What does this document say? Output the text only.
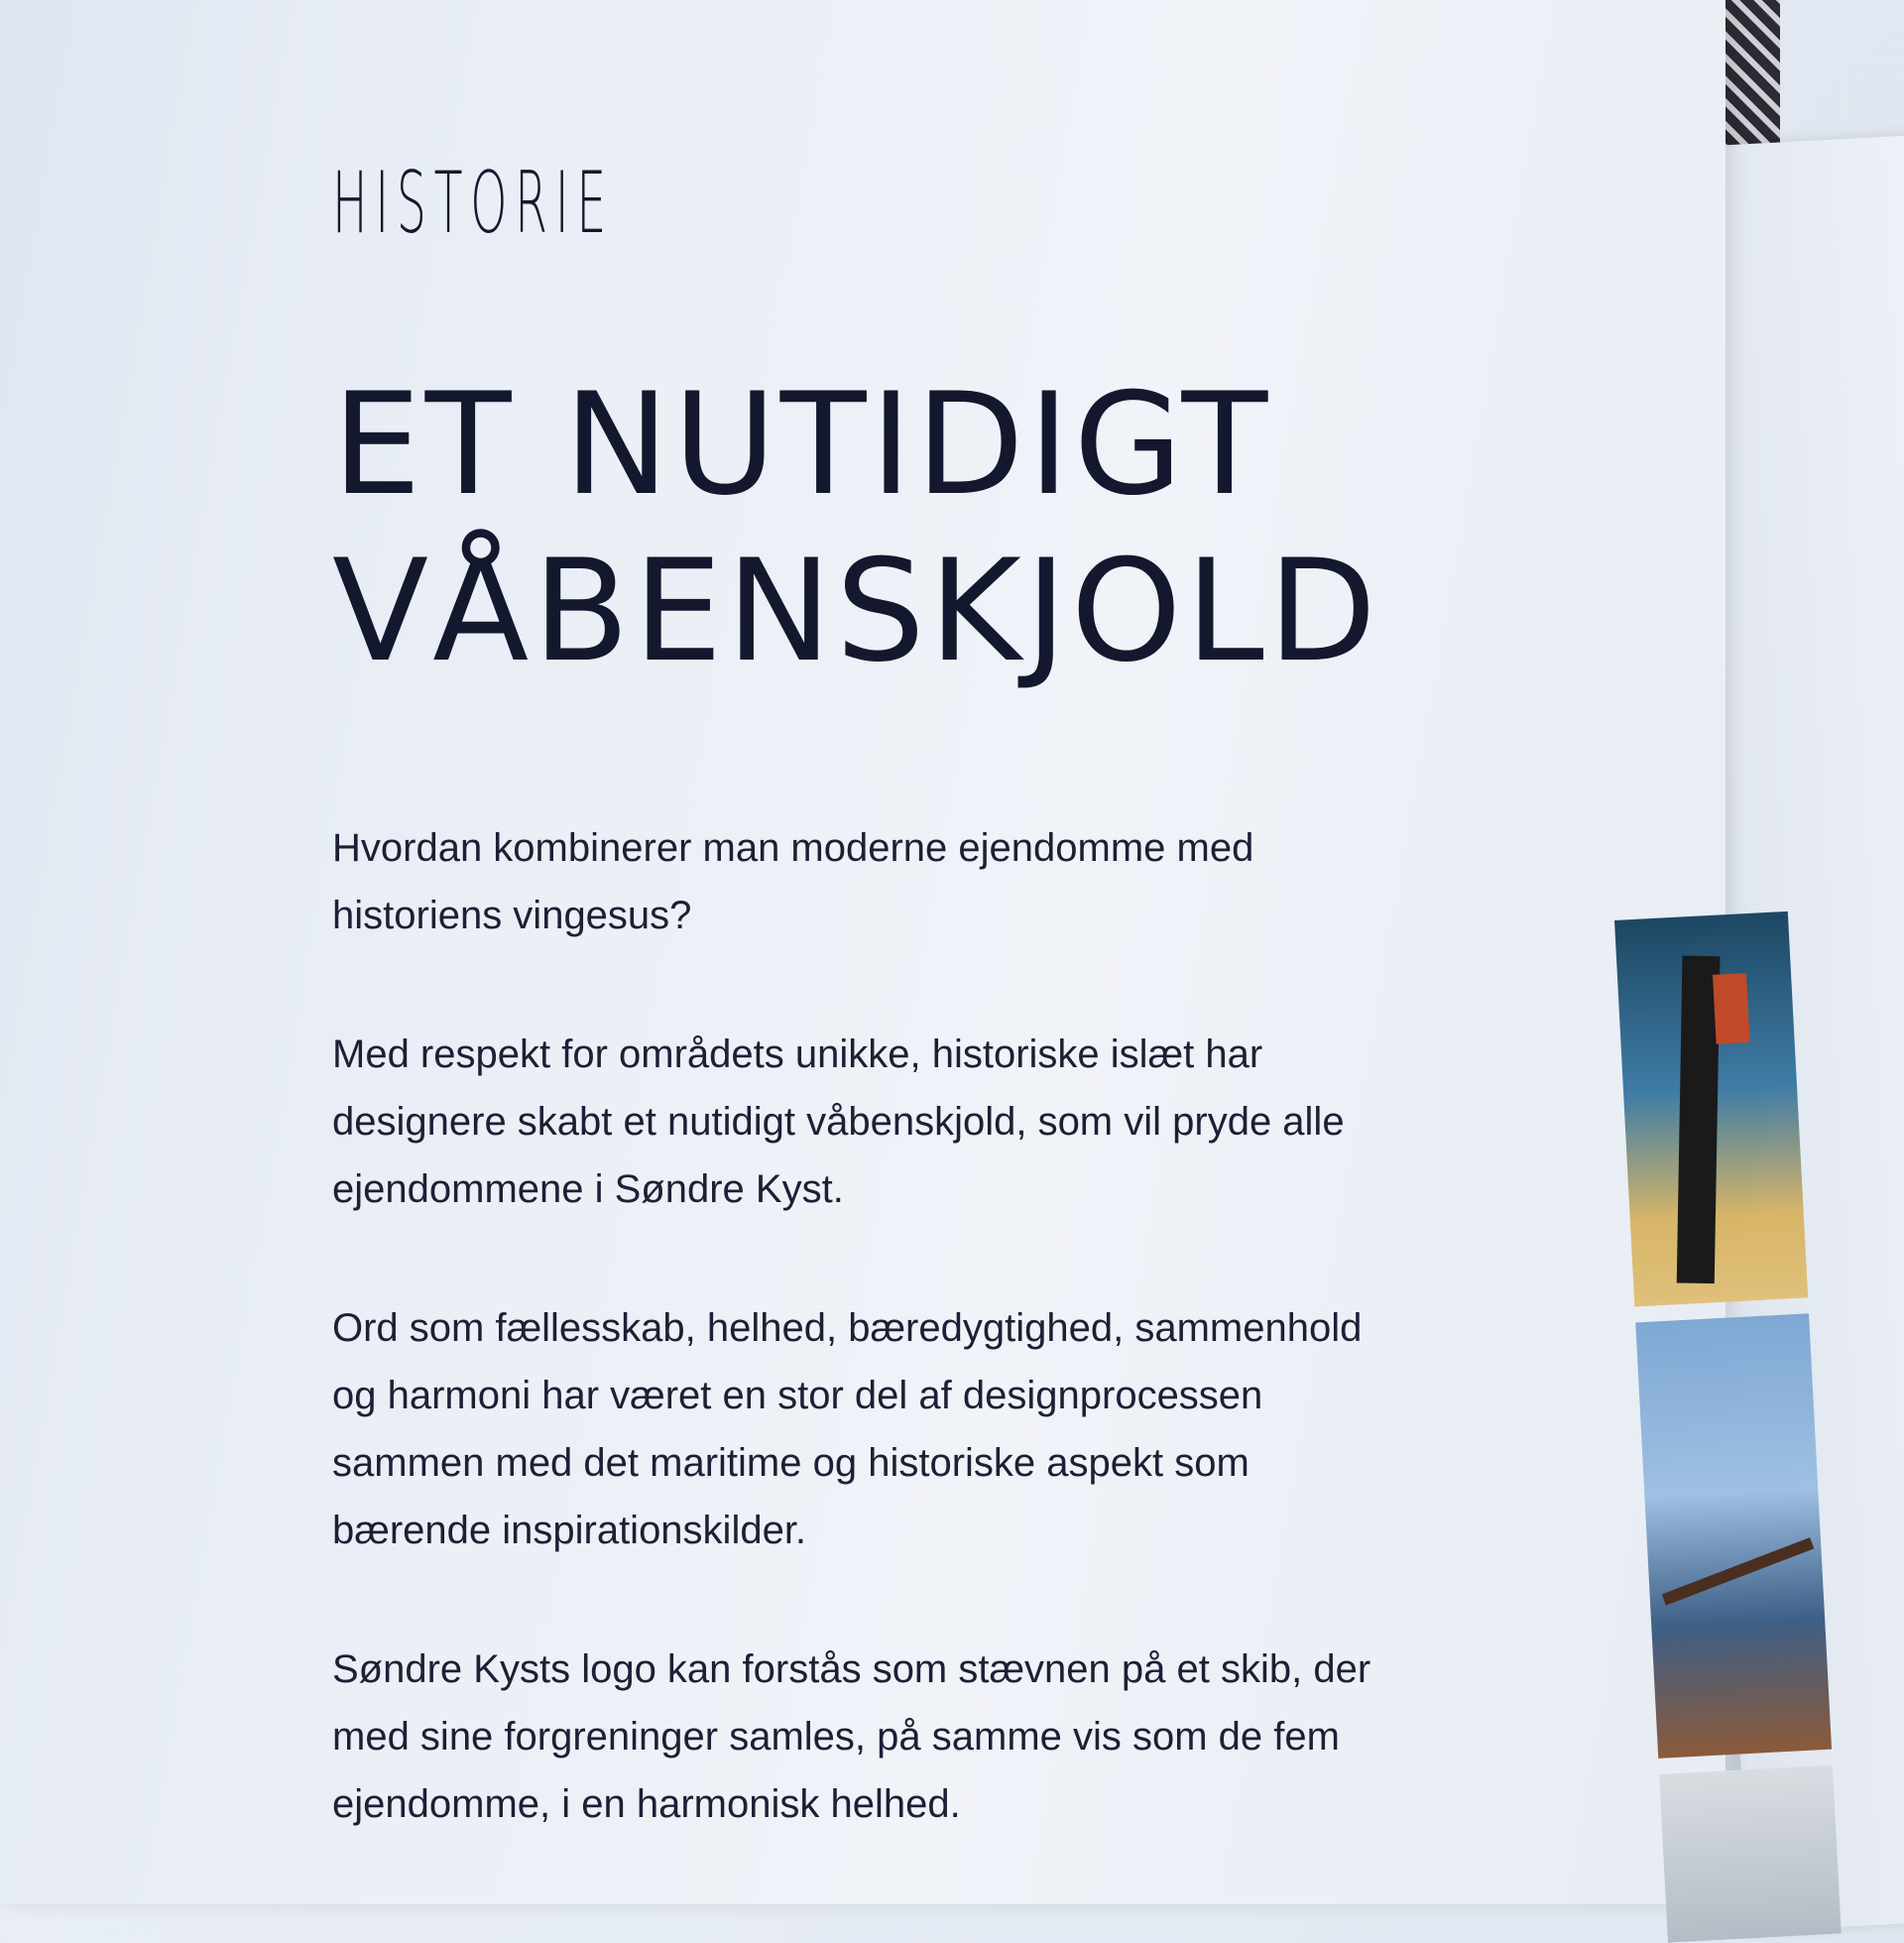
HISTORIE
ET NUTIDIGT
VÅBENSKJOLD

Hvordan kombinerer man moderne ejendomme med historiens vingesus?

Med respekt for områdets unikke, historiske islæt har designere skabt et nutidigt våbenskjold, som vil pryde alle ejendommene i Søndre Kyst.

Ord som fællesskab, helhed, bæredygtighed, sammenhold og harmoni har været en stor del af designprocessen sammen med det maritime og historiske aspekt som bærende inspirationskilder.

Søndre Kysts logo kan forstås som stævnen på et skib, der med sine forgreninger samles, på samme vis som de fem ejendomme, i en harmonisk helhed.
